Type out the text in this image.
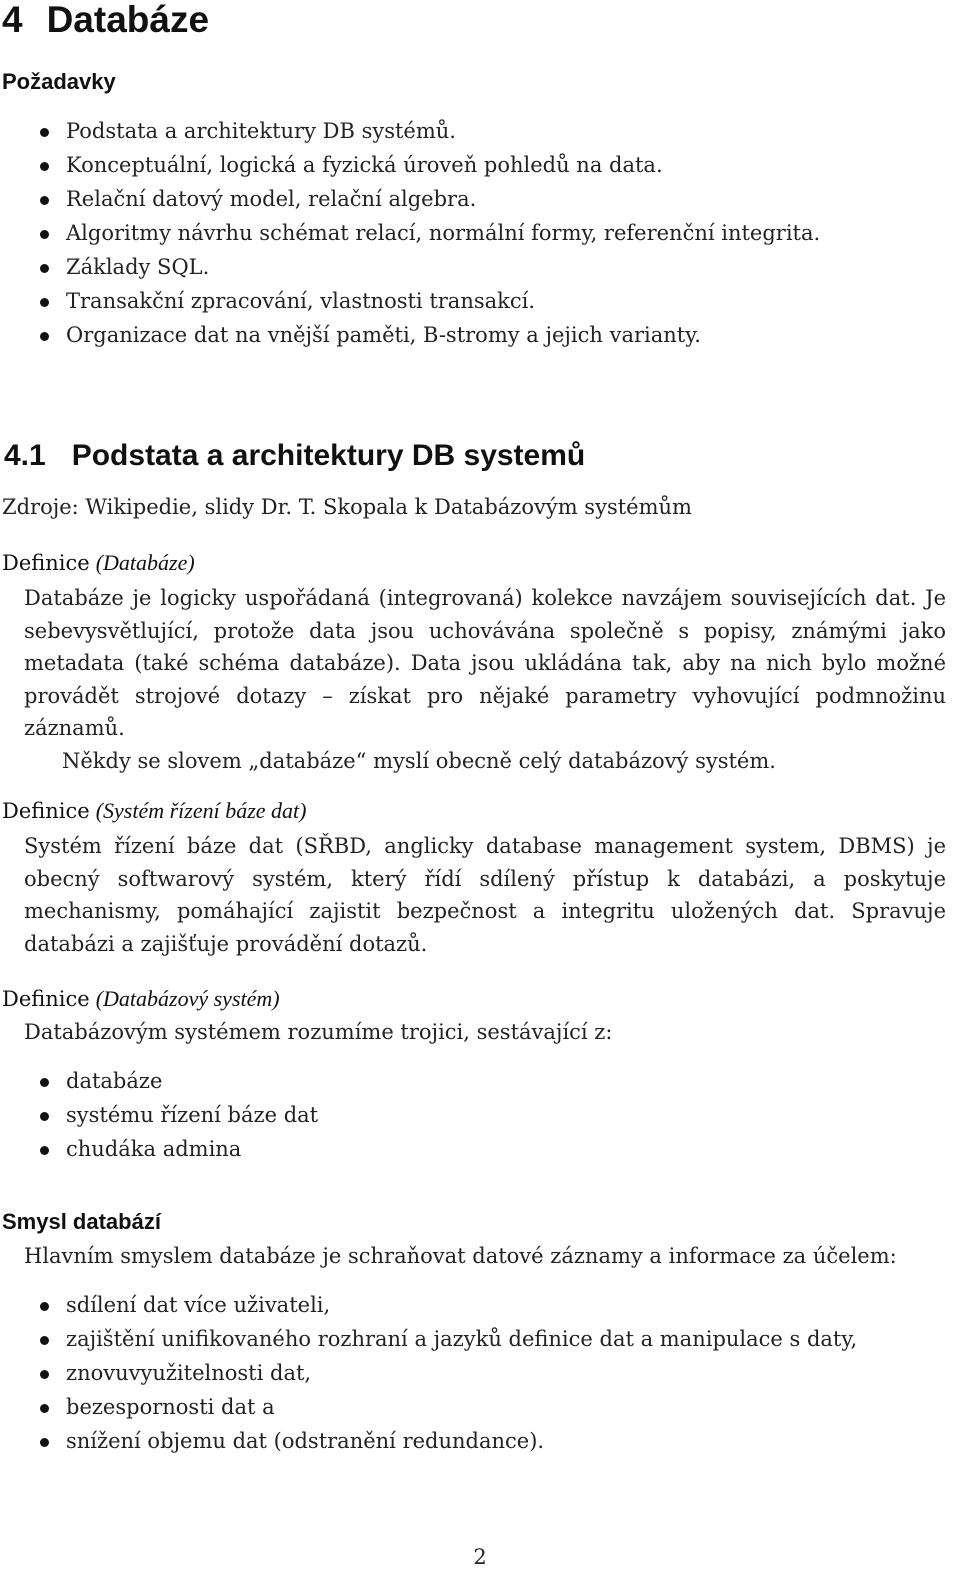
4 Databáze
Požadavky
Podstata a architektury DB systémů.
Konceptuální, logická a fyzická úroveň pohledů na data.
Relační datový model, relační algebra.
Algoritmy návrhu schémat relací, normální formy, referenční integrita.
Základy SQL.
Transakční zpracování, vlastnosti transakcí.
Organizace dat na vnější paměti, B-stromy a jejich varianty.
4.1 Podstata a architektury DB systemů
Zdroje: Wikipedie, slidy Dr. T. Skopala k Databázovým systémům
Definice (Databáze)

Databáze je logicky uspořádaná (integrovaná) kolekce navzájem souvisejících dat. Je sebevysvětlující, protože data jsou uchovávána společně s popisy, známými jako metadata (také schéma databáze). Data jsou ukládána tak, aby na nich bylo možné provádět strojové dotazy – získat pro nějaké parametry vyhovující podmnožinu záznamů.

Někdy se slovem „databáze“ myslí obecně celý databázový systém.

Definice (Systém řízení báze dat)

Systém řízení báze dat (SŘBD, anglicky database management system, DBMS) je obecný softwarový systém, který řídí sdílený přístup k databázi, a poskytuje mechanismy, pomáhající zajistit bezpečnost a integritu uložených dat. Spravuje databázi a zajišťuje provádění dotazů.

Definice (Databázový systém)

Databázovým systémem rozumíme trojici, sestávající z:

databáze
systému řízení báze dat
chudáka admina
Smysl databází
Hlavním smyslem databáze je schraňovat datové záznamy a informace za účelem:
sdílení dat více uživateli,
zajištění unifikovaného rozhraní a jazyků definice dat a manipulace s daty,
znovuvyužitelnosti dat,
bezespornosti dat a
snížení objemu dat (odstranění redundance).
2
